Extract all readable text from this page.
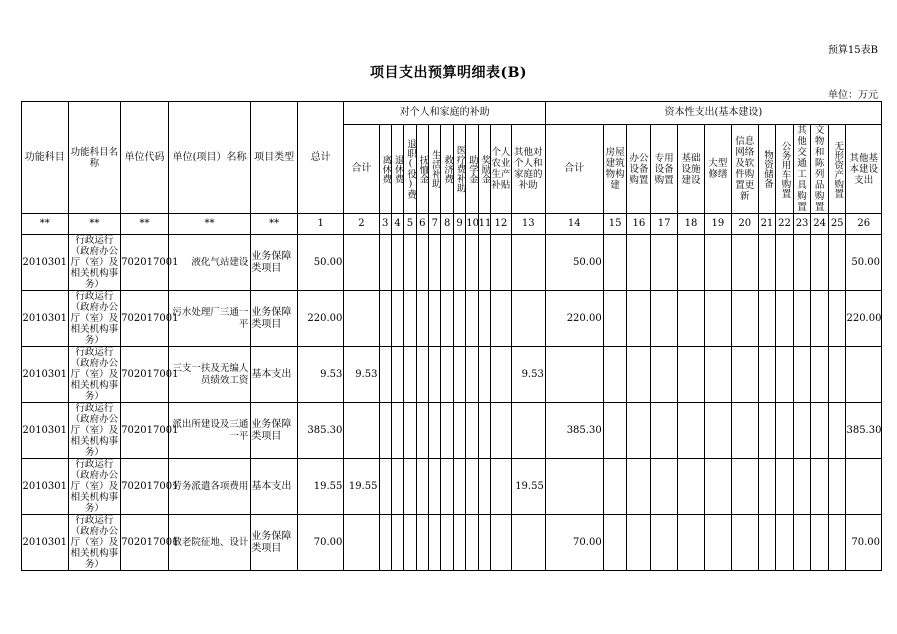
预算15表B
项目支出预算明细表(B)
单位：万元
功能科目	功能科目名称	单位代码	单位(项目）名称	项目类型	总计	对个人和家庭的补助												资本性支出(基本建设)												
						合计	离休费	退休费	退职(役)费	抚恤金	生活补助	救济费	医疗费补助	助学金	奖励金	个人农业生产补贴	其他对个人和家庭的补助	合计	房屋建筑物构建	办公设备购置	专用设备购置	基础设施建设	大型修缮	信息网络及软件购置更新	物资储备	公务用车购置	其他交通工具购置	文物和陈列品购置	无形资产购置	其他基本建设支出
**	**	**	**	**	1	2	3	4	5	6	7	8	9	10	11	12	13	14	15	16	17	18	19	20	21	22	23	24	25	26
2010301	行政运行（政府办公厅（室）及相关机构事务）	702017001	液化气站建设	业务保障类项目	50.00													50.00												50.00
2010301	行政运行（政府办公厅（室）及相关机构事务）	702017001	污水处理厂三通一平	业务保障类项目	220.00													220.00												220.00
2010301	行政运行（政府办公厅（室）及相关机构事务）	702017001	三支一扶及无编人员绩效工资	基本支出	9.53	9.53											9.53													
2010301	行政运行（政府办公厅（室）及相关机构事务）	702017001	派出所建设及三通一平	业务保障类项目	385.30													385.30												385.30
2010301	行政运行（政府办公厅（室）及相关机构事务）	702017001	劳务派遣各项费用	基本支出	19.55	19.55											19.55													
2010301	行政运行（政府办公厅（室）及相关机构事务）	702017001	敬老院征地、设计	业务保障类项目	70.00													70.00												70.00
